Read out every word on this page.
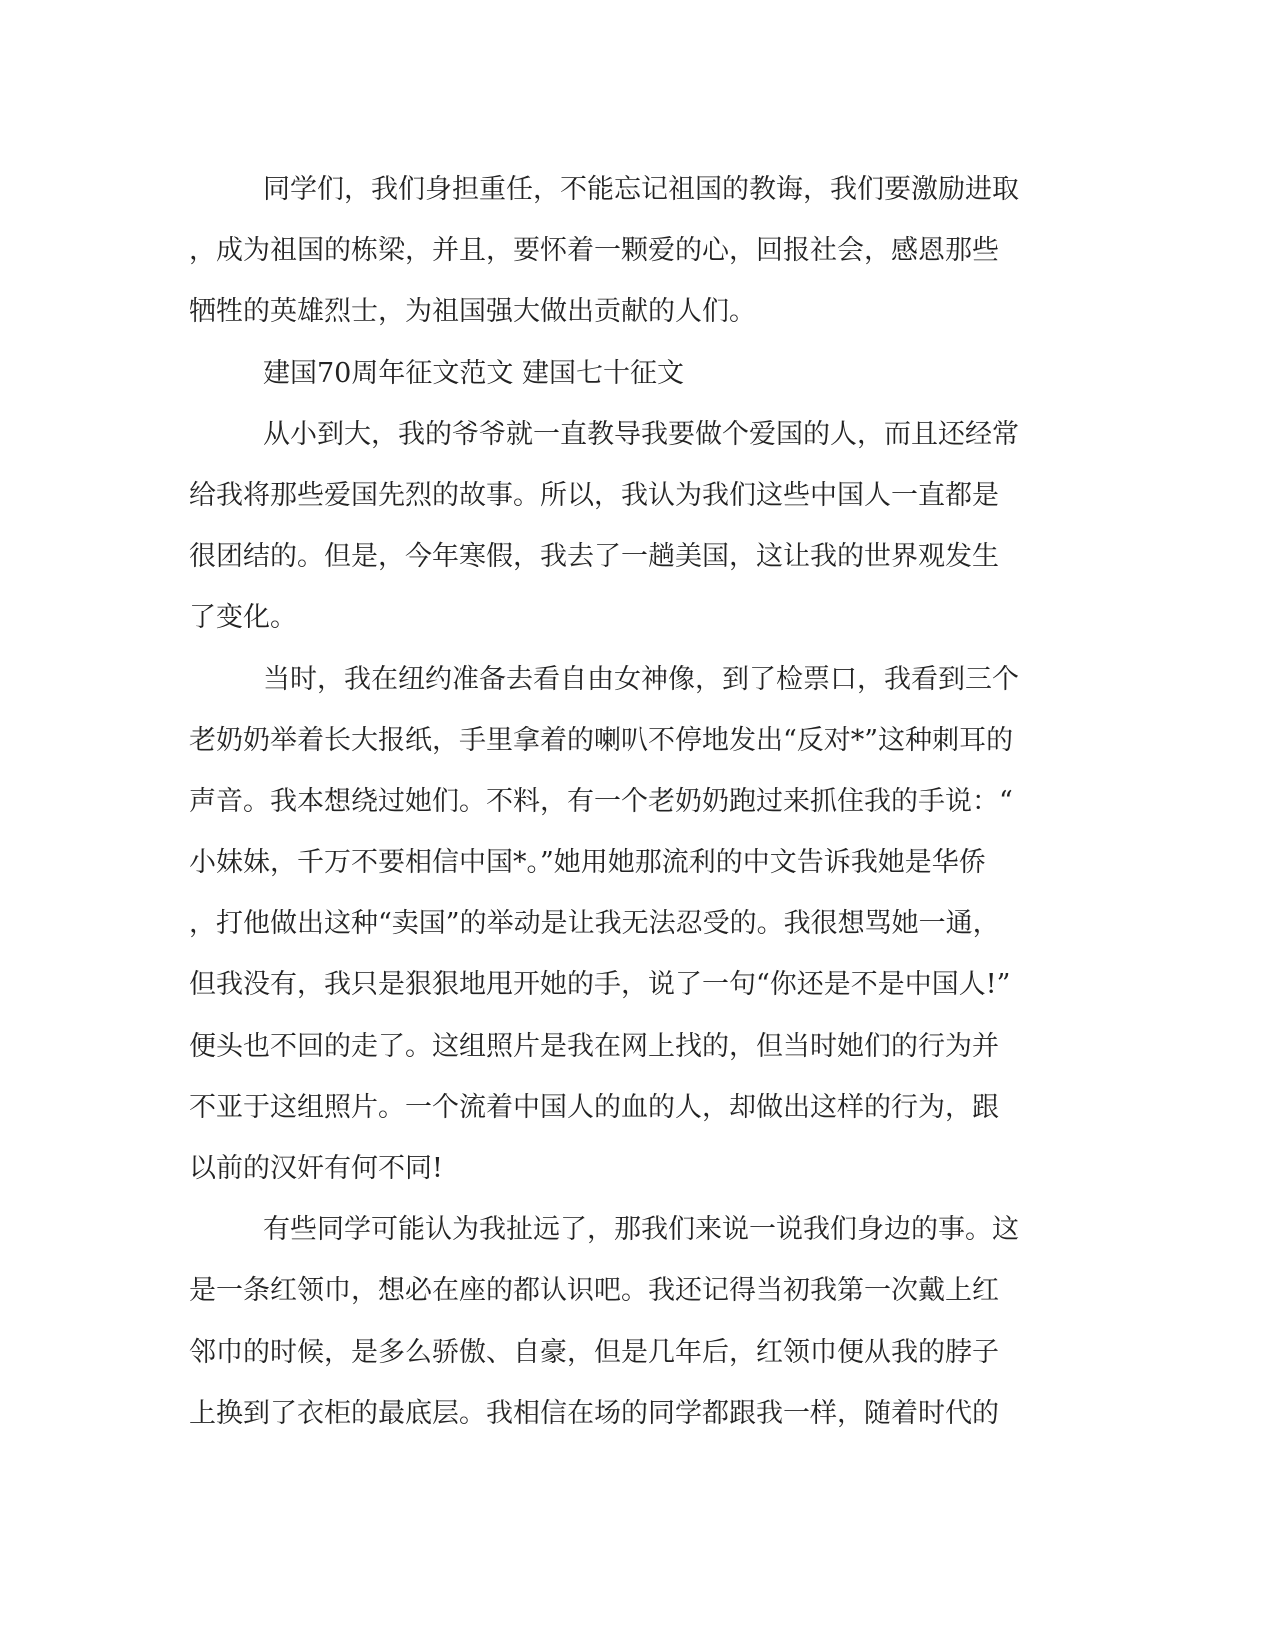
同学们，我们身担重任，不能忘记祖国的教诲，我们要激励进取
，成为祖国的栋梁，并且，要怀着一颗爱的心，回报社会，感恩那些
牺牲的英雄烈士，为祖国强大做出贡献的人们。
建国70周年征文范文 建国七十征文
从小到大，我的爷爷就一直教导我要做个爱国的人，而且还经常
给我将那些爱国先烈的故事。所以，我认为我们这些中国人一直都是
很团结的。但是，今年寒假，我去了一趟美国，这让我的世界观发生
了变化。
当时，我在纽约准备去看自由女神像，到了检票口，我看到三个
老奶奶举着长大报纸，手里拿着的喇叭不停地发出“反对*”这种刺耳的
声音。我本想绕过她们。不料，有一个老奶奶跑过来抓住我的手说：“
小妹妹，千万不要相信中国*。”她用她那流利的中文告诉我她是华侨
，打他做出这种“卖国”的举动是让我无法忍受的。我很想骂她一通，
但我没有，我只是狠狠地甩开她的手，说了一句“你还是不是中国人!”
便头也不回的走了。这组照片是我在网上找的，但当时她们的行为并
不亚于这组照片。一个流着中国人的血的人，却做出这样的行为，跟
以前的汉奸有何不同!
有些同学可能认为我扯远了，那我们来说一说我们身边的事。这
是一条红领巾，想必在座的都认识吧。我还记得当初我第一次戴上红
邻巾的时候，是多么骄傲、自豪，但是几年后，红领巾便从我的脖子
上换到了衣柜的最底层。我相信在场的同学都跟我一样，随着时代的
